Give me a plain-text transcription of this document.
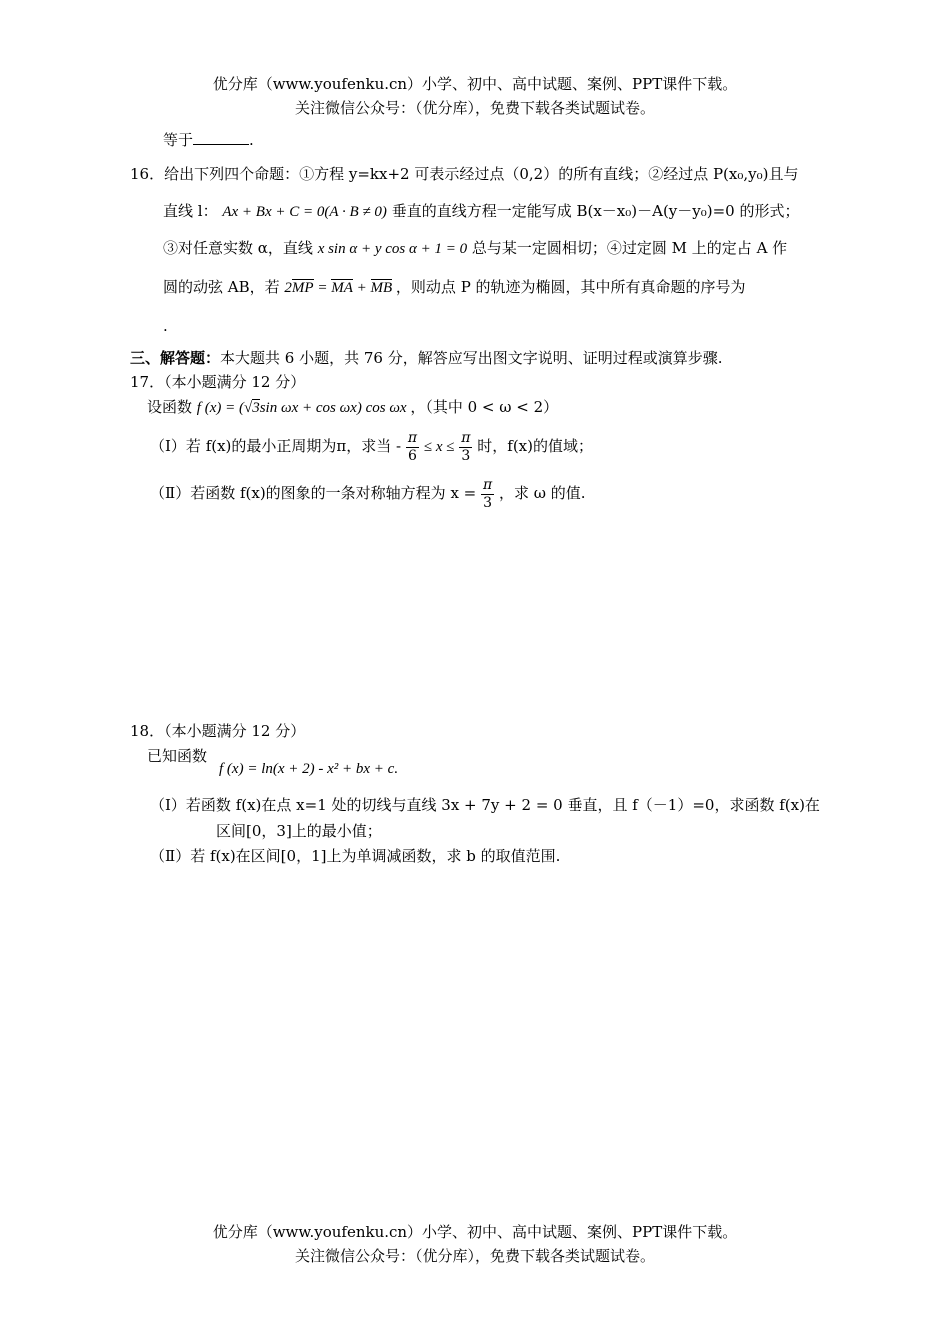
优分库（www.youfenku.cn）小学、初中、高中试题、案例、PPT课件下载。
关注微信公众号：（优分库），免费下载各类试题试卷。
等于	.
16．给出下列四个命题：①方程 y=kx+2 可表示经过点（0,2）的所有直线；②经过点 P(x₀,y₀)且与
直线 l： Ax + Bx + C = 0(A · B ≠ 0) 垂直的直线方程一定能写成 B(x－x₀)－A(y－y₀)=0 的形式；
③对任意实数 α，直线 x sin α + y cos α + 1 = 0 总与某一定圆相切；④过定圆 M 上的定占 A 作
圆的动弦 AB，若 2MP = MA + MB ，则动点 P 的轨迹为椭圆，其中所有真命题的序号为
.
三、解答题：本大题共 6 小题，共 76 分，解答应写出图文字说明、证明过程或演算步骤.
17．（本小题满分 12 分）
设函数 f (x) = (√3sin ωx + cos ωx) cos ωx ，（其中 0 < ω < 2）
（Ⅰ）若 f(x)的最小正周期为π，求当 - $\frac{\pi}{6} \le x \le \frac{\pi}{3}$ 时，f(x)的值域；
（Ⅱ）若函数 f(x)的图象的一条对称轴方程为 $x = \frac{\pi}{3}$ ，求 ω 的值.
18．（本小题满分 12 分）
已知函数
f (x) = ln(x + 2) - x² + bx + c.
（Ⅰ）若函数 f(x)在点 x=1 处的切线与直线 3x + 7y + 2 = 0 垂直，且 f（－1）=0，求函数 f(x)在
区间[0，3]上的最小值；
（Ⅱ）若 f(x)在区间[0，1]上为单调减函数，求 b 的取值范围.
优分库（www.youfenku.cn）小学、初中、高中试题、案例、PPT课件下载。
关注微信公众号：（优分库），免费下载各类试题试卷。
